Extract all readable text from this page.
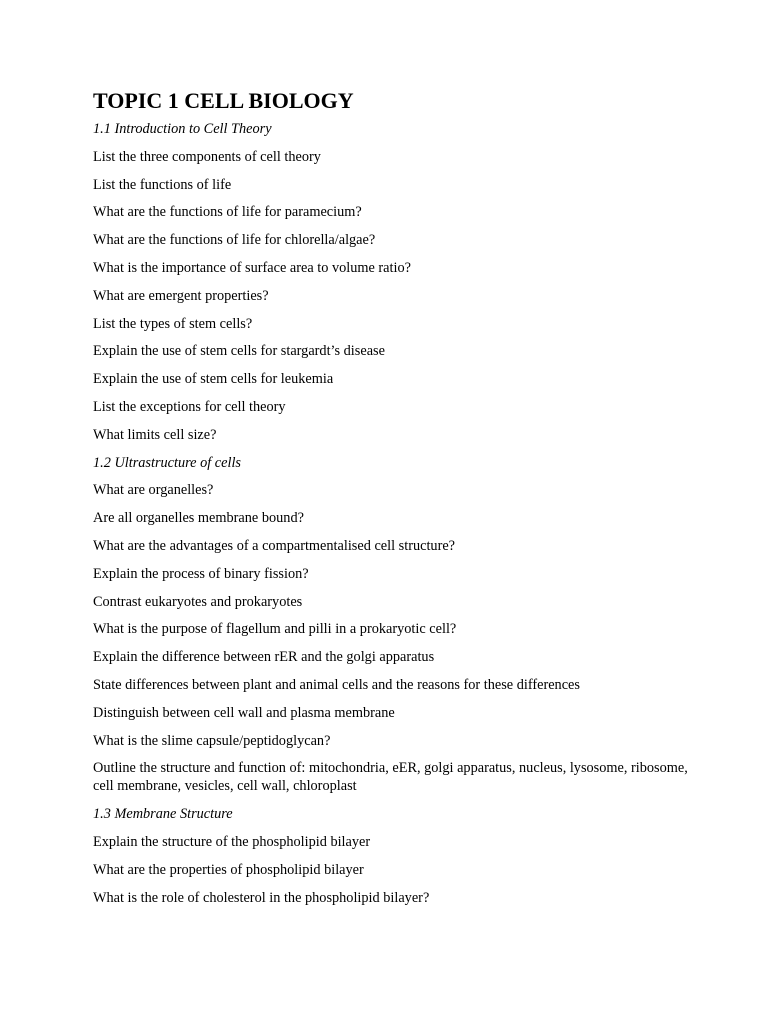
TOPIC 1 CELL BIOLOGY

1.1 Introduction to Cell Theory

List the three components of cell theory

List the functions of life

What are the functions of life for paramecium?

What are the functions of life for chlorella/algae?

What is the importance of surface area to volume ratio?

What are emergent properties?

List the types of stem cells?

Explain the use of stem cells for stargardt’s disease

Explain the use of stem cells for leukemia

List the exceptions for cell theory

What limits cell size?

1.2 Ultrastructure of cells

What are organelles?

Are all organelles membrane bound?

What are the advantages of a compartmentalised cell structure?

Explain the process of binary fission?

Contrast eukaryotes and prokaryotes

What is the purpose of flagellum and pilli in a prokaryotic cell?

Explain the difference between rER and the golgi apparatus

State differences between plant and animal cells and the reasons for these differences

Distinguish between cell wall and plasma membrane

What is the slime capsule/peptidoglycan?

Outline the structure and function of: mitochondria, eER, golgi apparatus, nucleus, lysosome, ribosome, cell membrane, vesicles, cell wall, chloroplast

1.3 Membrane Structure

Explain the structure of the phospholipid bilayer

What are the properties of phospholipid bilayer

What is the role of cholesterol in the phospholipid bilayer?
